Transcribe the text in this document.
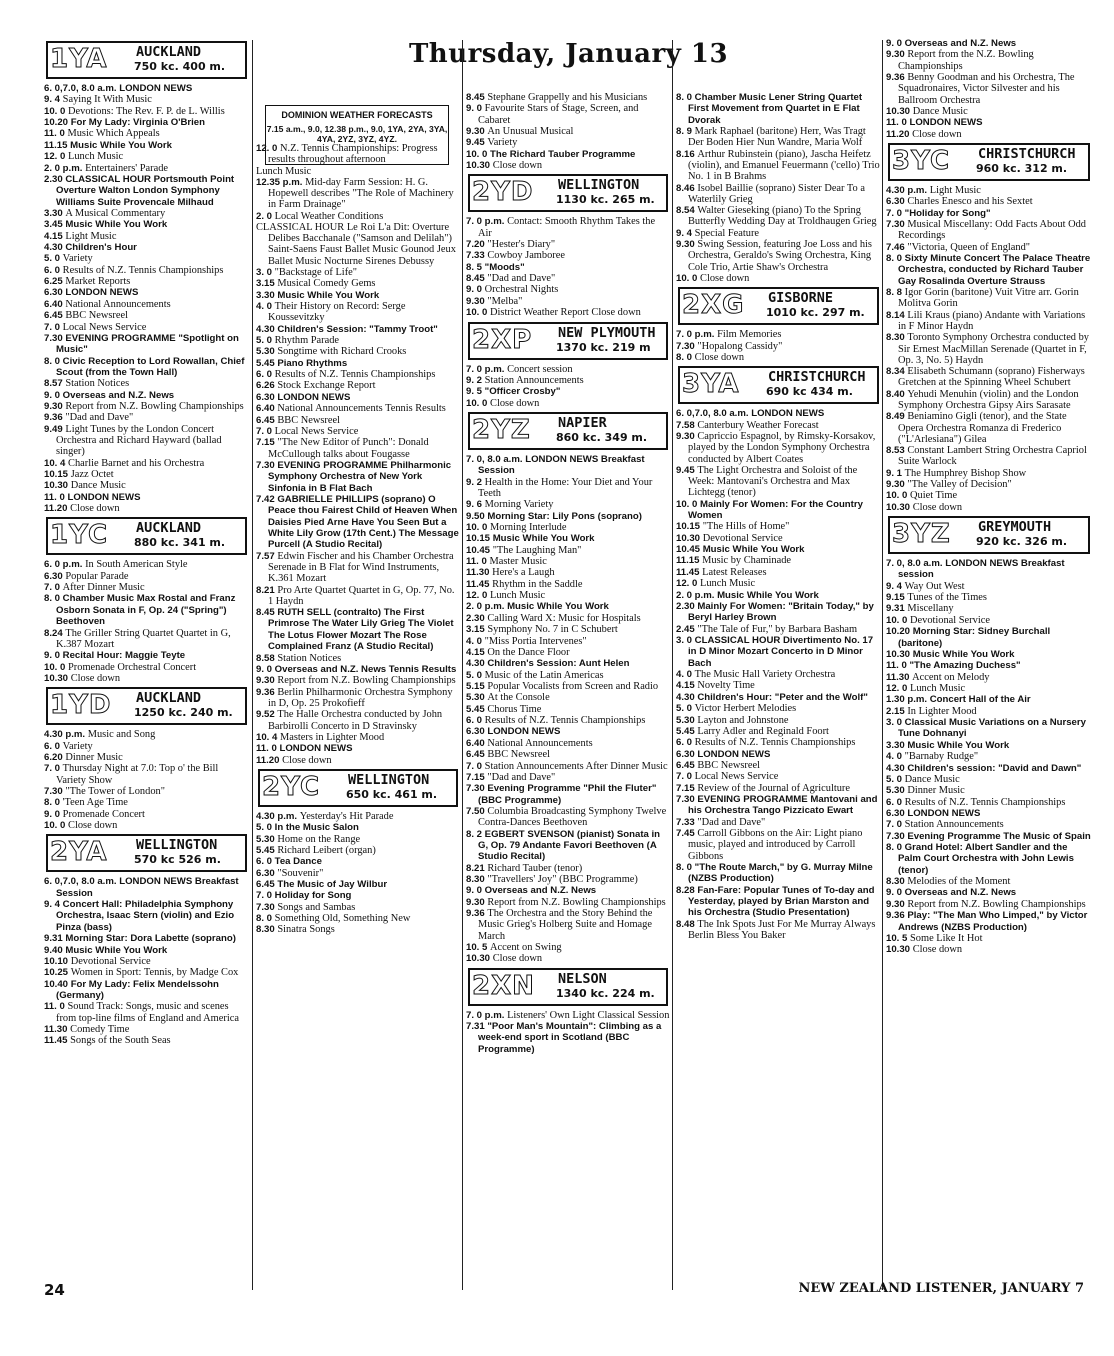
Thursday, January 13
DOMINION WEATHER FORECASTS
7.15 a.m., 9.0, 12.38 p.m., 9.0, 1YA, 2YA, 3YA, 4YA, 2YZ, 3YZ, 4YZ.
1YA AUCKLAND
750 kc. 400 m.

6. 0,7.0, 8.0 a.m. LONDON NEWS

9. 4 Saying It With Music

10. 0 Devotions: The Rev. F. P. de L. Willis

10.20 For My Lady: Virginia O'Brien

11. 0 Music Which Appeals

11.15 Music While You Work

12. 0 Lunch Music

2. 0 p.m. Entertainers' Parade

2.30 CLASSICAL HOUR Portsmouth Point Overture Walton London Symphony Williams Suite Provencale Milhaud

3.30 A Musical Commentary

3.45 Music While You Work

4.15 Light Music

4.30 Children's Hour

5. 0 Variety

6. 0 Results of N.Z. Tennis Championships

6.25 Market Reports

6.30 LONDON NEWS

6.40 National Announcements

6.45 BBC Newsreel

7. 0 Local News Service

7.30 EVENING PROGRAMME "Spotlight on Music"

8. 0 Civic Reception to Lord Rowallan, Chief Scout (from the Town Hall)

8.57 Station Notices

9. 0 Overseas and N.Z. News

9.30 Report from N.Z. Bowling Championships

9.36 "Dad and Dave"

9.49 Light Tunes by the London Concert Orchestra and Richard Hayward (ballad singer)

10. 4 Charlie Barnet and his Orchestra

10.15 Jazz Octet

10.30 Dance Music

11. 0 LONDON NEWS

11.20 Close down

1YC AUCKLAND
880 kc. 341 m.

6. 0 p.m. In South American Style

6.30 Popular Parade

7. 0 After Dinner Music

8. 0 Chamber Music Max Rostal and Franz Osborn Sonata in F, Op. 24 ("Spring") Beethoven

8.24 The Griller String Quartet Quartet in G, K.387 Mozart

9. 0 Recital Hour: Maggie Teyte

10. 0 Promenade Orchestral Concert

10.30 Close down

1YD AUCKLAND
1250 kc. 240 m.

4.30 p.m. Music and Song

6. 0 Variety

6.20 Dinner Music

7. 0 Thursday Night at 7.0: Top o' the Bill Variety Show

7.30 "The Tower of London"

8. 0 'Teen Age Time

9. 0 Promenade Concert

10. 0 Close down

2YA WELLINGTON
570 kc 526 m.

6. 0,7.0, 8.0 a.m. LONDON NEWS Breakfast Session

9. 4 Concert Hall: Philadelphia Symphony Orchestra, Isaac Stern (violin) and Ezio Pinza (bass)

9.31 Morning Star: Dora Labette (soprano)

9.40 Music While You Work

10.10 Devotional Service

10.25 Women in Sport: Tennis, by Madge Cox

10.40 For My Lady: Felix Mendelssohn (Germany)

11. 0 Sound Track: Songs, music and scenes from top-line films of England and America

11.30 Comedy Time

11.45 Songs of the South Seas

12. 0 N.Z. Tennis Championships: Progress results throughout afternoon

Lunch Music

12.35 p.m. Mid-day Farm Session: H. G. Hopewell describes "The Role of Machinery in Farm Drainage"

2. 0 Local Weather Conditions

CLASSICAL HOUR Le Roi L'a Dit: Overture Delibes Bacchanale ("Samson and Delilah") Saint-Saens Faust Ballet Music Gounod Jeux Ballet Music Nocturne Sirenes Debussy

3. 0 "Backstage of Life"

3.15 Musical Comedy Gems

3.30 Music While You Work

4. 0 Their History on Record: Serge Koussevitzky

4.30 Children's Session: "Tammy Troot"

5. 0 Rhythm Parade

5.30 Songtime with Richard Crooks

5.45 Piano Rhythms

6. 0 Results of N.Z. Tennis Championships

6.26 Stock Exchange Report

6.30 LONDON NEWS

6.40 National Announcements Tennis Results

6.45 BBC Newsreel

7. 0 Local News Service

7.15 "The New Editor of Punch": Donald McCullough talks about Fougasse

7.30 EVENING PROGRAMME Philharmonic Symphony Orchestra of New York Sinfonia in B Flat Bach

7.42 GABRIELLE PHILLIPS (soprano) O Peace thou Fairest Child of Heaven When Daisies Pied Arne Have You Seen But a White Lily Grow (17th Cent.) The Message Purcell (A Studio Recital)

7.57 Edwin Fischer and his Chamber Orchestra Serenade in B Flat for Wind Instruments, K.361 Mozart

8.21 Pro Arte Quartet Quartet in G, Op. 77, No. 1 Haydn

8.45 RUTH SELL (contralto) The First Primrose The Water Lily Grieg The Violet The Lotus Flower Mozart The Rose Complained Franz (A Studio Recital)

8.58 Station Notices

9. 0 Overseas and N.Z. News Tennis Results

9.30 Report from N.Z. Bowling Championships

9.36 Berlin Philharmonic Orchestra Symphony in D, Op. 25 Prokofieff

9.52 The Halle Orchestra conducted by John Barbirolli Concerto in D Stravinsky

10. 4 Masters in Lighter Mood

11. 0 LONDON NEWS

11.20 Close down

2YC WELLINGTON
650 kc. 461 m.

4.30 p.m. Yesterday's Hit Parade

5. 0 In the Music Salon

5.30 Home on the Range

5.45 Richard Leibert (organ)

6. 0 Tea Dance

6.30 "Souvenir"

6.45 The Music of Jay Wilbur

7. 0 Holiday for Song

7.30 Songs and Sambas

8. 0 Something Old, Something New

8.30 Sinatra Songs

8.45 Stephane Grappelly and his Musicians

9. 0 Favourite Stars of Stage, Screen, and Cabaret

9.30 An Unusual Musical

9.45 Variety

10. 0 The Richard Tauber Programme

10.30 Close down

2YD WELLINGTON
1130 kc. 265 m.

7. 0 p.m. Contact: Smooth Rhythm Takes the Air

7.20 "Hester's Diary"

7.33 Cowboy Jamboree

8. 5 "Moods"

8.45 "Dad and Dave"

9. 0 Orchestral Nights

9.30 "Melba"

10. 0 District Weather Report Close down

2XP NEW PLYMOUTH
1370 kc. 219 m

7. 0 p.m. Concert session

9. 2 Station Announcements

9. 5 "Officer Crosby"

10. 0 Close down

2YZ NAPIER
860 kc. 349 m.

7. 0, 8.0 a.m. LONDON NEWS Breakfast Session

9. 2 Health in the Home: Your Diet and Your Teeth

9. 6 Morning Variety

9.50 Morning Star: Lily Pons (soprano)

10. 0 Morning Interlude

10.15 Music While You Work

10.45 "The Laughing Man"

11. 0 Master Music

11.30 Here's a Laugh

11.45 Rhythm in the Saddle

12. 0 Lunch Music

2. 0 p.m. Music While You Work

2.30 Calling Ward X: Music for Hospitals

3.15 Symphony No. 7 in C Schubert

4. 0 "Miss Portia Intervenes"

4.15 On the Dance Floor

4.30 Children's Session: Aunt Helen

5. 0 Music of the Latin Americas

5.15 Popular Vocalists from Screen and Radio

5.30 At the Console

5.45 Chorus Time

6. 0 Results of N.Z. Tennis Championships

6.30 LONDON NEWS

6.40 National Announcements

6.45 BBC Newsreel

7. 0 Station Announcements After Dinner Music

7.15 "Dad and Dave"

7.30 Evening Programme "Phil the Fluter" (BBC Programme)

7.50 Columbia Broadcasting Symphony Twelve Contra-Dances Beethoven

8. 2 EGBERT SVENSON (pianist) Sonata in G, Op. 79 Andante Favori Beethoven (A Studio Recital)

8.21 Richard Tauber (tenor)

8.30 "Travellers' Joy" (BBC Programme)

9. 0 Overseas and N.Z. News

9.30 Report from N.Z. Bowling Championships

9.36 The Orchestra and the Story Behind the Music Grieg's Holberg Suite and Homage March

10. 5 Accent on Swing

10.30 Close down

2XN NELSON
1340 kc. 224 m.

7. 0 p.m. Listeners' Own Light Classical Session

7.31 "Poor Man's Mountain": Climbing as a week-end sport in Scotland (BBC Programme)

8. 0 Chamber Music Lener String Quartet First Movement from Quartet in E Flat Dvorak

8. 9 Mark Raphael (baritone) Herr, Was Tragt Der Boden Hier Nun Wandre, Maria Wolf

8.16 Arthur Rubinstein (piano), Jascha Heifetz (violin), and Emanuel Feuermann ('cello) Trio No. 1 in B Brahms

8.46 Isobel Baillie (soprano) Sister Dear To a Waterlily Grieg

8.54 Walter Gieseking (piano) To the Spring Butterfly Wedding Day at Troldhaugen Grieg

9. 4 Special Feature

9.30 Swing Session, featuring Joe Loss and his Orchestra, Geraldo's Swing Orchestra, King Cole Trio, Artie Shaw's Orchestra

10. 0 Close down

2XG GISBORNE
1010 kc. 297 m.

7. 0 p.m. Film Memories

7.30 "Hopalong Cassidy"

8. 0 Close down

3YA CHRISTCHURCH
690 kc 434 m.

6. 0,7.0, 8.0 a.m. LONDON NEWS

7.58 Canterbury Weather Forecast

9.30 Capriccio Espagnol, by Rimsky-Korsakov, played by the London Symphony Orchestra conducted by Albert Coates

9.45 The Light Orchestra and Soloist of the Week: Mantovani's Orchestra and Max Lichtegg (tenor)

10. 0 Mainly For Women: For the Country Women

10.15 "The Hills of Home"

10.30 Devotional Service

10.45 Music While You Work

11.15 Music by Chaminade

11.45 Latest Releases

12. 0 Lunch Music

2. 0 p.m. Music While You Work

2.30 Mainly For Women: "Britain Today," by Beryl Harley Brown

2.45 "The Tale of Fur," by Barbara Basham

3. 0 CLASSICAL HOUR Divertimento No. 17 in D Minor Mozart Concerto in D Minor Bach

4. 0 The Music Hall Variety Orchestra

4.15 Novelty Time

4.30 Children's Hour: "Peter and the Wolf"

5. 0 Victor Herbert Melodies

5.30 Layton and Johnstone

5.45 Larry Adler and Reginald Foort

6. 0 Results of N.Z. Tennis Championships

6.30 LONDON NEWS

6.45 BBC Newsreel

7. 0 Local News Service

7.15 Review of the Journal of Agriculture

7.30 EVENING PROGRAMME Mantovani and his Orchestra Tango Pizzicato Ewart

7.33 "Dad and Dave"

7.45 Carroll Gibbons on the Air: Light piano music, played and introduced by Carroll Gibbons

8. 0 "The Route March," by G. Murray Milne (NZBS Production)

8.28 Fan-Fare: Popular Tunes of To-day and Yesterday, played by Brian Marston and his Orchestra (Studio Presentation)

8.48 The Ink Spots Just For Me Murray Always Berlin Bless You Baker

9. 0 Overseas and N.Z. News

9.30 Report from the N.Z. Bowling Championships

9.36 Benny Goodman and his Orchestra, The Squadronaires, Victor Silvester and his Ballroom Orchestra

10.30 Dance Music

11. 0 LONDON NEWS

11.20 Close down

3YC CHRISTCHURCH
960 kc. 312 m.

4.30 p.m. Light Music

6.30 Charles Enesco and his Sextet

7. 0 "Holiday for Song"

7.30 Musical Miscellany: Odd Facts About Odd Recordings

7.46 "Victoria, Queen of England"

8. 0 Sixty Minute Concert The Palace Theatre Orchestra, conducted by Richard Tauber Gay Rosalinda Overture Strauss

8. 8 Igor Gorin (baritone) Vuit Vitre arr. Gorin Molitva Gorin

8.14 Lili Kraus (piano) Andante with Variations in F Minor Haydn

8.30 Toronto Symphony Orchestra conducted by Sir Ernest MacMillan Serenade (Quartet in F, Op. 3, No. 5) Haydn

8.34 Elisabeth Schumann (soprano) Fisherways Gretchen at the Spinning Wheel Schubert

8.40 Yehudi Menuhin (violin) and the London Symphony Orchestra Gipsy Airs Sarasate

8.49 Beniamino Gigli (tenor), and the State Opera Orchestra Romanza di Frederico ("L'Arlesiana") Gilea

8.53 Constant Lambert String Orchestra Capriol Suite Warlock

9. 1 The Humphrey Bishop Show

9.30 "The Valley of Decision"

10. 0 Quiet Time

10.30 Close down

3YZ GREYMOUTH
920 kc. 326 m.

7. 0, 8.0 a.m. LONDON NEWS Breakfast session

9. 4 Way Out West

9.15 Tunes of the Times

9.31 Miscellany

10. 0 Devotional Service

10.20 Morning Star: Sidney Burchall (baritone)

10.30 Music While You Work

11. 0 "The Amazing Duchess"

11.30 Accent on Melody

12. 0 Lunch Music

1.30 p.m. Concert Hall of the Air

2.15 In Lighter Mood

3. 0 Classical Music Variations on a Nursery Tune Dohnanyi

3.30 Music While You Work

4. 0 "Barnaby Rudge"

4.30 Children's session: "David and Dawn"

5. 0 Dance Music

5.30 Dinner Music

6. 0 Results of N.Z. Tennis Championships

6.30 LONDON NEWS

7. 0 Station Announcements

7.30 Evening Programme The Music of Spain

8. 0 Grand Hotel: Albert Sandler and the Palm Court Orchestra with John Lewis (tenor)

8.30 Melodies of the Moment

9. 0 Overseas and N.Z. News

9.30 Report from N.Z. Bowling Championships

9.36 Play: "The Man Who Limped," by Victor Andrews (NZBS Production)

10. 5 Some Like It Hot

10.30 Close down

24	NEW ZEALAND LISTENER, JANUARY 7
